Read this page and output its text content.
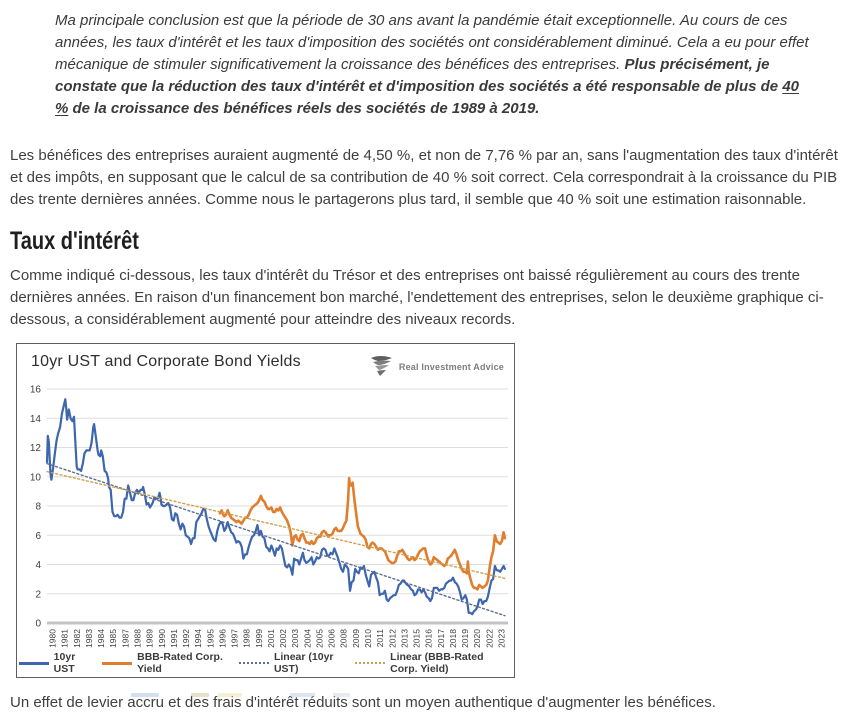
Ma principale conclusion est que la période de 30 ans avant la pandémie était exceptionnelle. Au cours de ces années, les taux d'intérêt et les taux d'imposition des sociétés ont considérablement diminué. Cela a eu pour effet mécanique de stimuler significativement la croissance des bénéfices des entreprises. Plus précisément, je constate que la réduction des taux d'intérêt et d'imposition des sociétés a été responsable de plus de 40 % de la croissance des bénéfices réels des sociétés de 1989 à 2019.

Les bénéfices des entreprises auraient augmenté de 4,50 %, et non de 7,76 % par an, sans l'augmentation des taux d'intérêt et des impôts, en supposant que le calcul de sa contribution de 40 % soit correct. Cela correspondrait à la croissance du PIB des trente dernières années. Comme nous le partagerons plus tard, il semble que 40 % soit une estimation raisonnable.

Taux d'intérêt

Comme indiqué ci-dessous, les taux d'intérêt du Trésor et des entreprises ont baissé régulièrement au cours des trente dernières années. En raison d'un financement bon marché, l'endettement des entreprises, selon le deuxième graphique ci-dessous, a considérablement augmenté pour atteindre des niveaux records.

10yr UST and Corporate Bond Yields	Real Investment Advice
0
2
4
6
8
10
12
14
16
1980 1981 1982 1983 1984 1985 1987 1988 1989 1990 1991 1992 1994 1995 1996 1997 1998 1999 2001 2002 2003 2004 2005 2006 2008 2009 2010 2011 2012 2013 2015 2016 2017 2018 2019 2020 2022 2023
10yr UST
BBB-Rated Corp. Yield
Linear (10yr UST)
Linear (BBB-Rated Corp. Yield)

Un effet de levier accru et des frais d'intérêt réduits sont un moyen authentique d'augmenter les bénéfices.
